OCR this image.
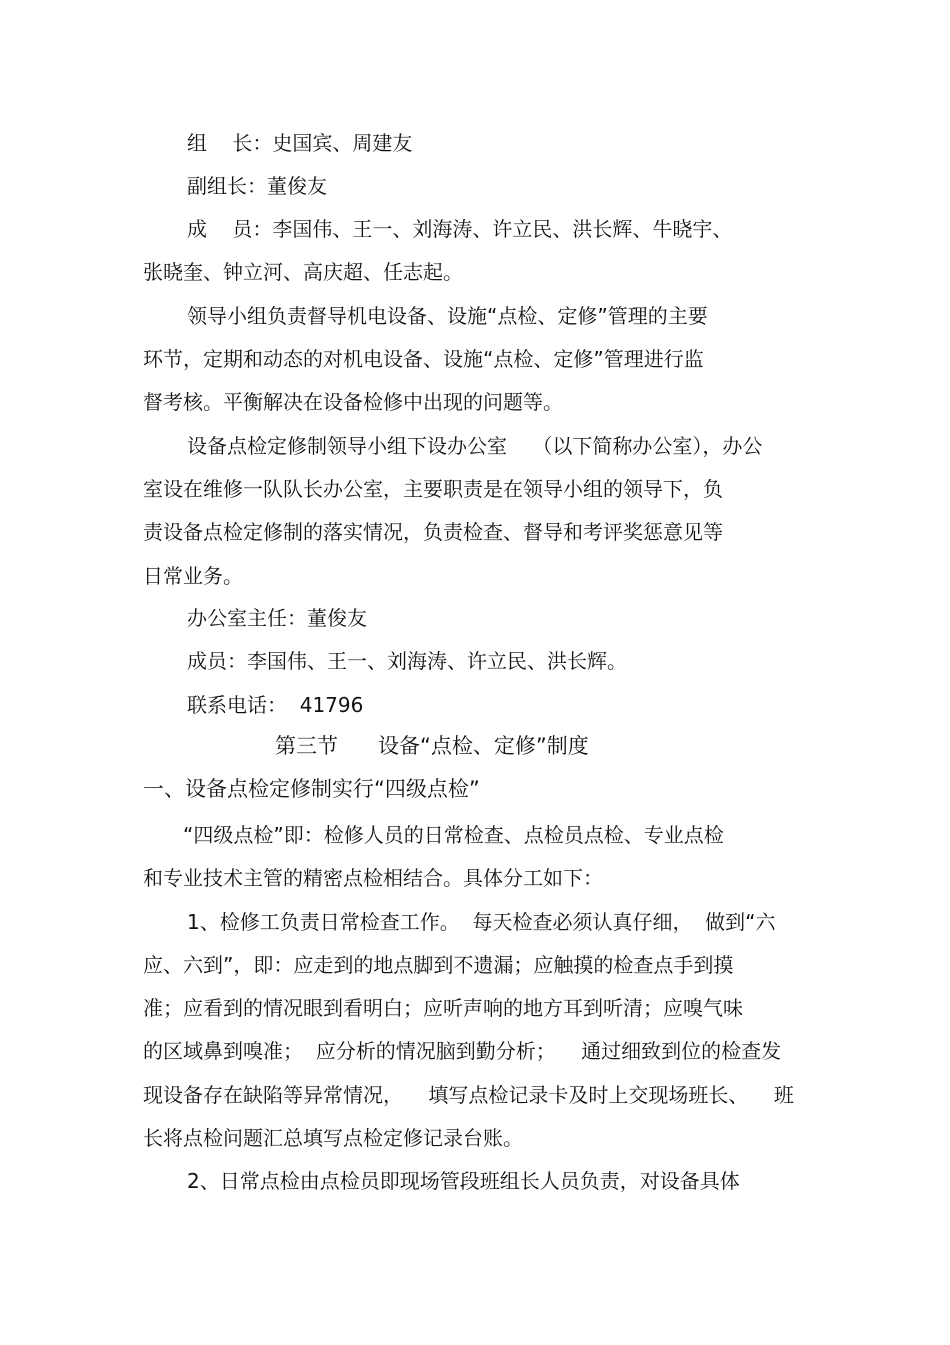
组    长：史国宾、周建友
副组长：董俊友
成    员：李国伟、王一、刘海涛、许立民、洪长辉、牛晓宇、
张晓奎、钟立河、高庆超、任志起。
领导小组负责督导机电设备、设施“点检、定修”管理的主要
环节，定期和动态的对机电设备、设施“点检、定修”管理进行监
督考核。平衡解决在设备检修中出现的问题等。
设备点检定修制领导小组下设办公室    （以下简称办公室），办公
室设在维修一队队长办公室，主要职责是在领导小组的领导下，负
责设备点检定修制的落实情况，负责检查、督导和考评奖惩意见等
日常业务。
办公室主任：董俊友
成员：李国伟、王一、刘海涛、许立民、洪长辉。
联系电话：  41796
第三节      设备“点检、定修”制度
一、设备点检定修制实行“四级点检”
“四级点检”即：检修人员的日常检查、点检员点检、专业点检
和专业技术主管的精密点检相结合。具体分工如下：
1、检修工负责日常检查工作。  每天检查必须认真仔细，  做到“六
应、六到”，即：应走到的地点脚到不遗漏；应触摸的检查点手到摸
准；应看到的情况眼到看明白；应听声响的地方耳到听清；应嗅气味
的区域鼻到嗅准；  应分析的情况脑到勤分析；    通过细致到位的检查发
现设备存在缺陷等异常情况，    填写点检记录卡及时上交现场班长、    班
长将点检问题汇总填写点检定修记录台账。
2、日常点检由点检员即现场管段班组长人员负责，对设备具体
